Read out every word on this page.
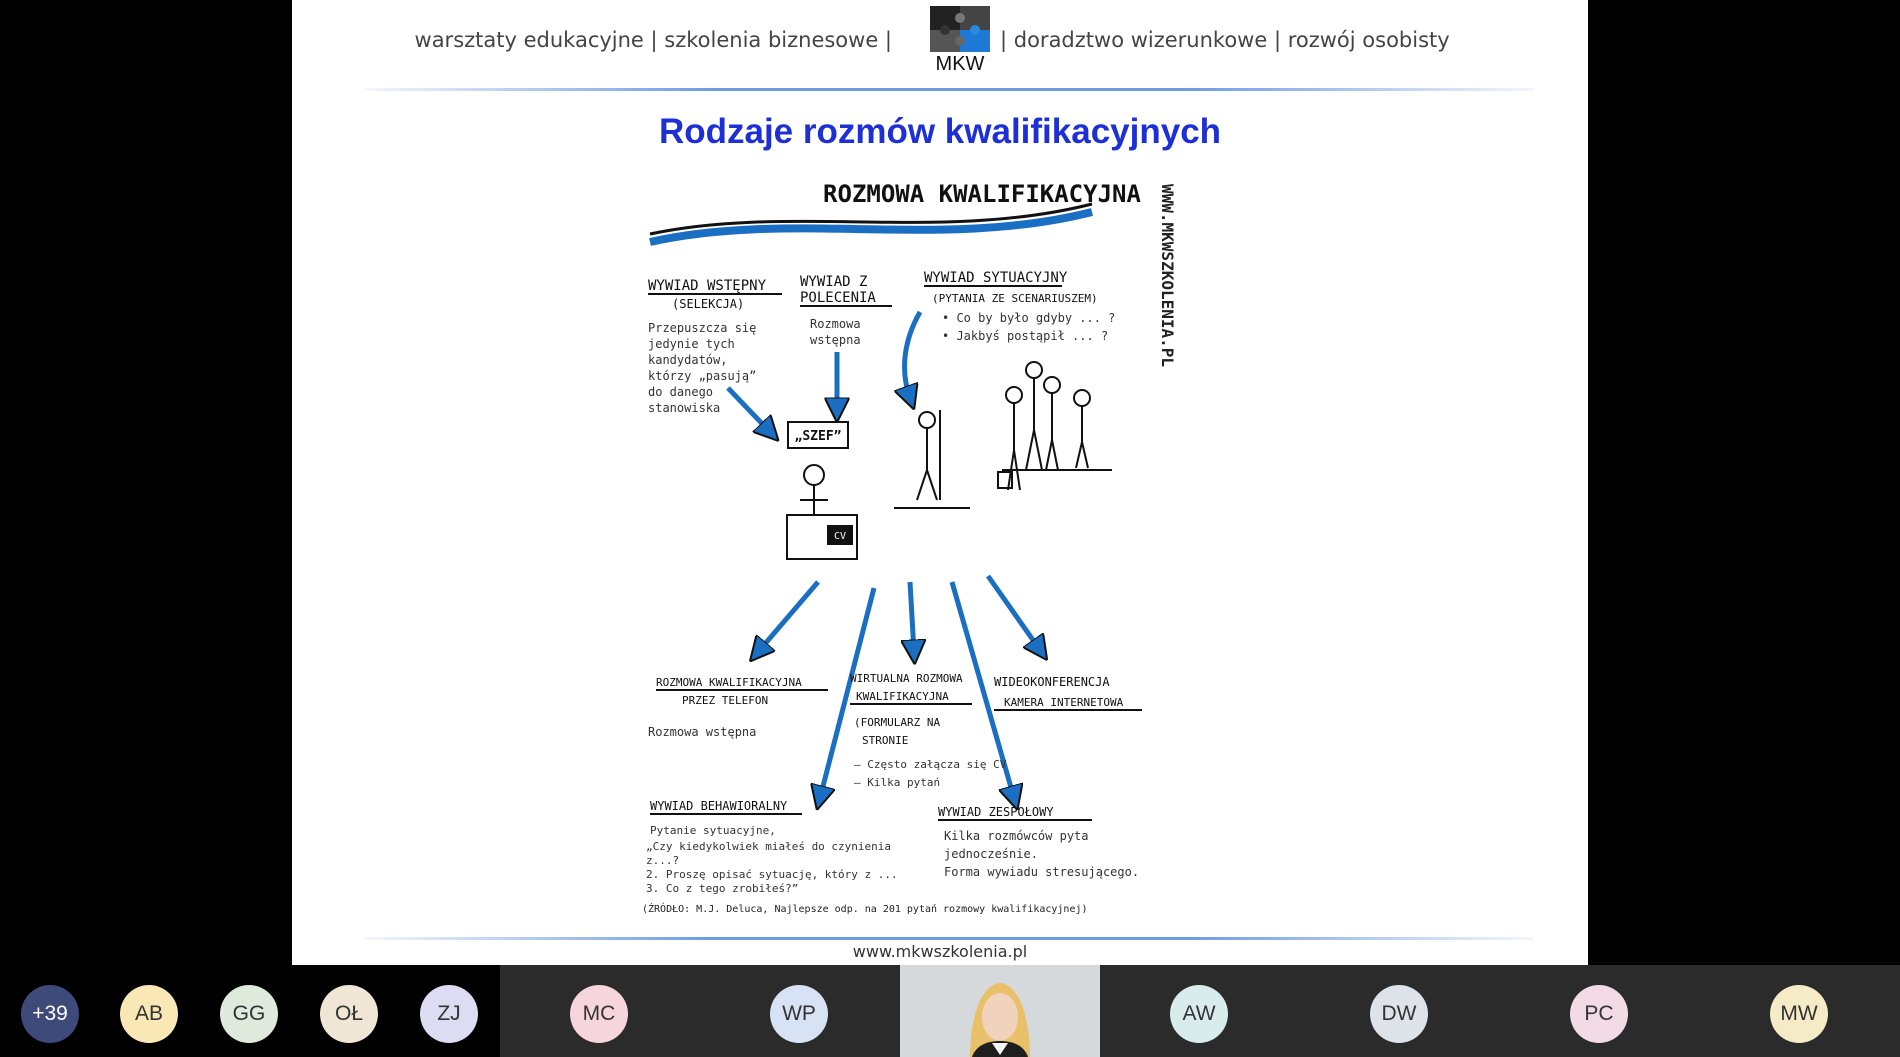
warsztaty edukacyjne | szkolenia biznesowe |
MKW
| doradztwo wizerunkowe | rozwój osobisty
Rodzaje rozmów kwalifikacyjnych
ROZMOWA KWALIFIKACYJNA WWW.MKWSZKOLENIA.PL
WYWIAD WSTĘPNY
(SELEKCJA)
Przepuszcza się
jedynie tych
kandydatów,
którzy „pasują”
do danego
stanowiska
WYWIAD Z
POLECENIA
Rozmowa
wstępna
WYWIAD SYTUACYJNY
(PYTANIA ZE SCENARIUSZEM)
• Co by było gdyby ... ?
• Jakbyś postąpił ... ?
„SZEF”
CV
ROZMOWA KWALIFIKACYJNA
PRZEZ TELEFON
Rozmowa wstępna
WIRTUALNA ROZMOWA
KWALIFIKACYJNA
(FORMULARZ NA
STRONIE
– Często załącza się CV
– Kilka pytań
WIDEOKONFERENCJA
KAMERA INTERNETOWA
WYWIAD BEHAWIORALNY
Pytanie sytuacyjne,
„Czy kiedykolwiek miałeś do czynienia
z...?
2. Proszę opisać sytuację, który z ...
3. Co z tego zrobiłeś?”
WYWIAD ZESPOŁOWY
Kilka rozmówców pyta
jednocześnie.
Forma wywiadu stresującego.
(ŹRÓDŁO: M.J. Deluca, Najlepsze odp. na 201 pytań rozmowy kwalifikacyjnej)
www.mkwszkolenia.pl
+39	AB	GG	OŁ	ZJ	MC	WP	AW	DW	PC	MW
